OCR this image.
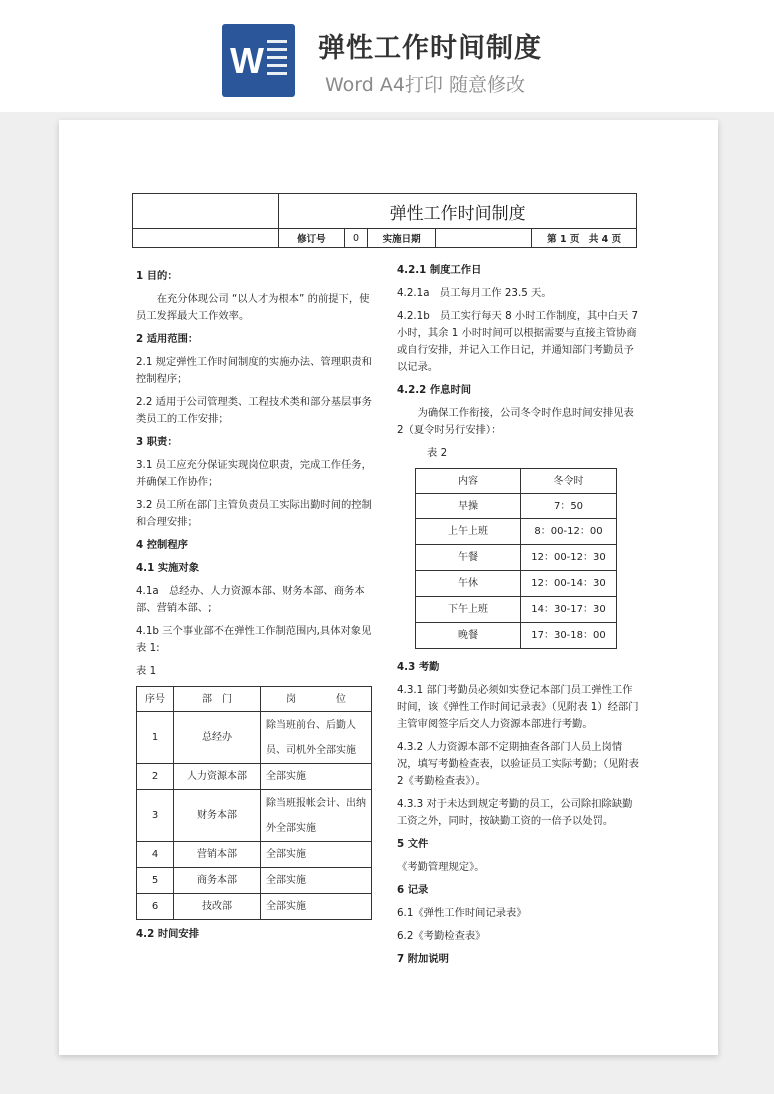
W 弹性工作时间制度
Word A4打印 随意修改

	弹性工作时间制度				
	修订号	0	实施日期		第 1 页　共 4 页

1 目的：

在充分体现公司 “以人才为根本” 的前提下，使员工发挥最大工作效率。

2 适用范围：

2.1 规定弹性工作时间制度的实施办法、管理职责和控制程序；

2.2 适用于公司管理类、工程技术类和部分基层事务类员工的工作安排；

3 职责：

3.1 员工应充分保证实现岗位职责，完成工作任务，并确保工作协作；

3.2 员工所在部门主管负责员工实际出勤时间的控制和合理安排；

4 控制程序

4.1 实施对象

4.1a　总经办、人力资源本部、财务本部、商务本部、营销本部、;

4.1b 三个事业部不在弹性工作制范围内,具体对象见表 1:

表 1

序号	部　门	岗　　　　位
1	总经办	除当班前台、后勤人员、司机外全部实施
2	人力资源本部	全部实施
3	财务本部	除当班报帐会计、出纳外全部实施
4	营销本部	全部实施
5	商务本部	全部实施
6	技改部	全部实施

4.2 时间安排

4.2.1 制度工作日

4.2.1a　员工每月工作 23.5 天。

4.2.1b　员工实行每天 8 小时工作制度，其中白天 7 小时，其余 1 小时时间可以根据需要与直接主管协商或自行安排，并记入工作日记，并通知部门考勤员予以记录。

4.2.2 作息时间

为确保工作衔接，公司冬令时作息时间安排见表 2（夏令时另行安排）：

表 2

内容	冬令时
早操	7：50
上午上班	8：00-12：00
午餐	12：00-12：30
午休	12：00-14：30
下午上班	14：30-17：30
晚餐	17：30-18：00

4.3 考勤

4.3.1 部门考勤员必须如实登记本部门员工弹性工作时间，该《弹性工作时间记录表》（见附表 1）经部门主管审阅签字后交人力资源本部进行考勤。

4.3.2 人力资源本部不定期抽查各部门人员上岗情况，填写考勤检查表，以验证员工实际考勤；（见附表 2《考勤检查表》）。

4.3.3 对于未达到规定考勤的员工，公司除扣除缺勤工资之外，同时，按缺勤工资的一倍予以处罚。

5 文件

《考勤管理规定》。

6 记录

6.1《弹性工作时间记录表》

6.2《考勤检查表》

7 附加说明
